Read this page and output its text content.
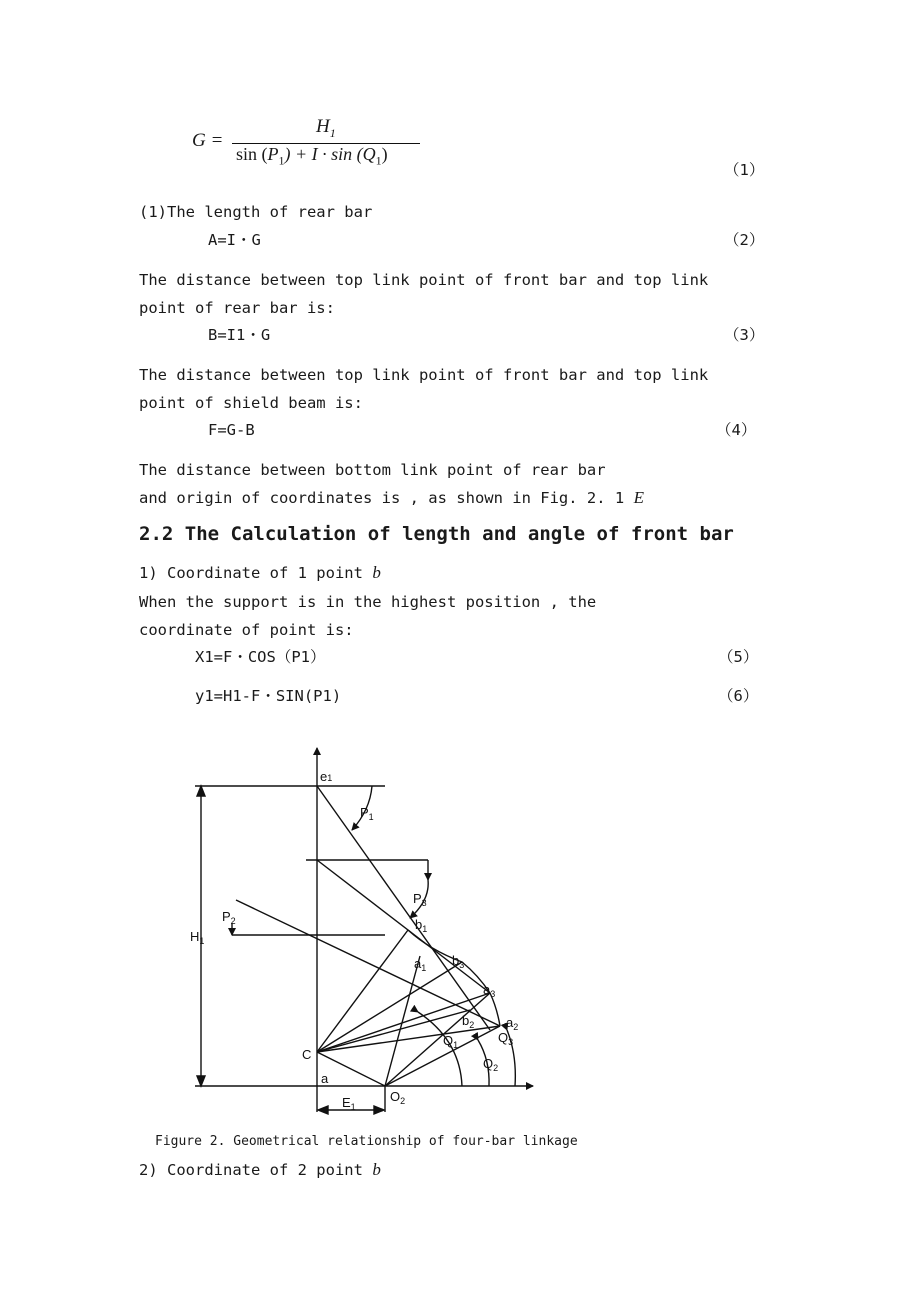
G =
$H_1$
$\sin (P_1) + I \cdot \sin (Q_1)$
（1）
(1)The length of rear bar
A=I・G	（2）
The distance between top link point of front bar and top link
point of rear bar is:
B=I1・G	（3）
The distance between top link point of front bar and top link
point of shield beam is:
F=G-B	（4）
The distance between bottom link point of rear bar
and origin of coordinates is , as shown in Fig. 2. 1 E
2.2 The Calculation of length and angle of front bar
1) Coordinate of 1 point b
When the support is in the highest position , the
coordinate of point is:
X1=F・COS（P1）	（5）
y1=H1-F・SIN(P1)	（6）
e1
$P_1$
$P_3$
$P_2$
$H_1$
$b_1$
$a_1$ $b_3$
$a_3$
$b_2$ $a_2$
$Q_1$	$Q_3$
$Q_2$
C
a
$E_1$
$O_2$
Figure 2. Geometrical relationship of four-bar linkage
2) Coordinate of 2 point b
